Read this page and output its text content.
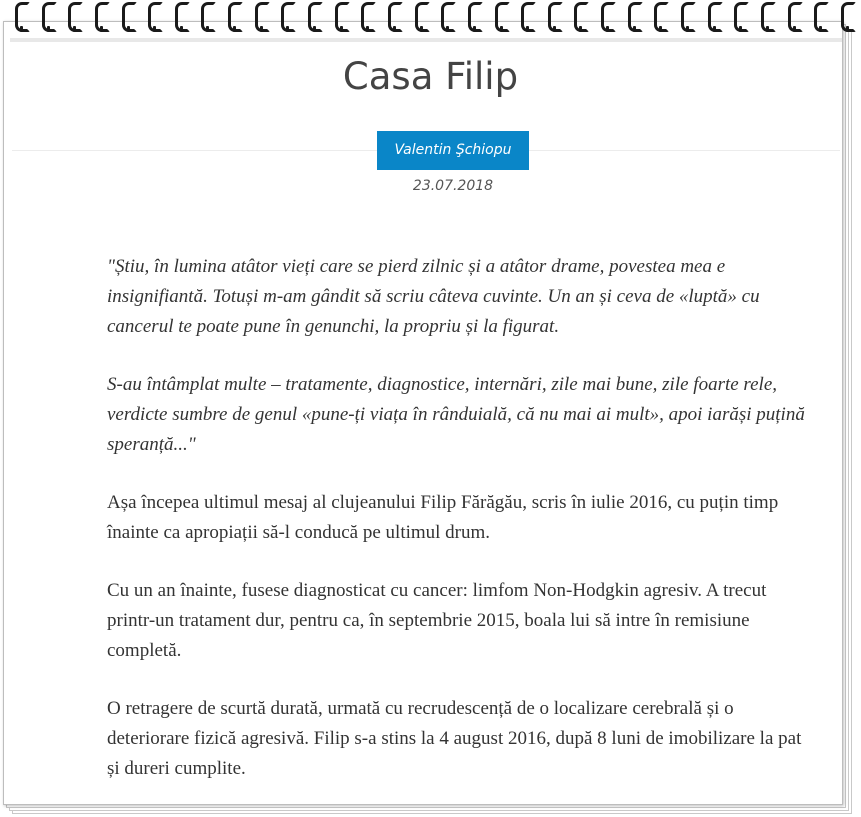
Casa Filip
Valentin Şchiopu
23.07.2018

"Știu, în lumina atâtor vieți care se pierd zilnic și a atâtor drame, povestea mea e insignifiantă. Totuși m-am gândit să scriu câteva cuvinte. Un an și ceva de «luptă» cu cancerul te poate pune în genunchi, la propriu și la figurat.

S-au întâmplat multe – tratamente, diagnostice, internări, zile mai bune, zile foarte rele, verdicte sumbre de genul «pune-ți viața în rânduială, că nu mai ai mult», apoi iarăși puțină speranță..."

Așa începea ultimul mesaj al clujeanului Filip Fărăgău, scris în iulie 2016, cu puțin timp înainte ca apropiații să-l conducă pe ultimul drum.

Cu un an înainte, fusese diagnosticat cu cancer: limfom Non-Hodgkin agresiv. A trecut printr-un tratament dur, pentru ca, în septembrie 2015, boala lui să intre în remisiune completă.

O retragere de scurtă durată, urmată cu recrudescență de o localizare cerebrală și o deteriorare fizică agresivă. Filip s-a stins la 4 august 2016, după 8 luni de imobilizare la pat și dureri cumplite.
